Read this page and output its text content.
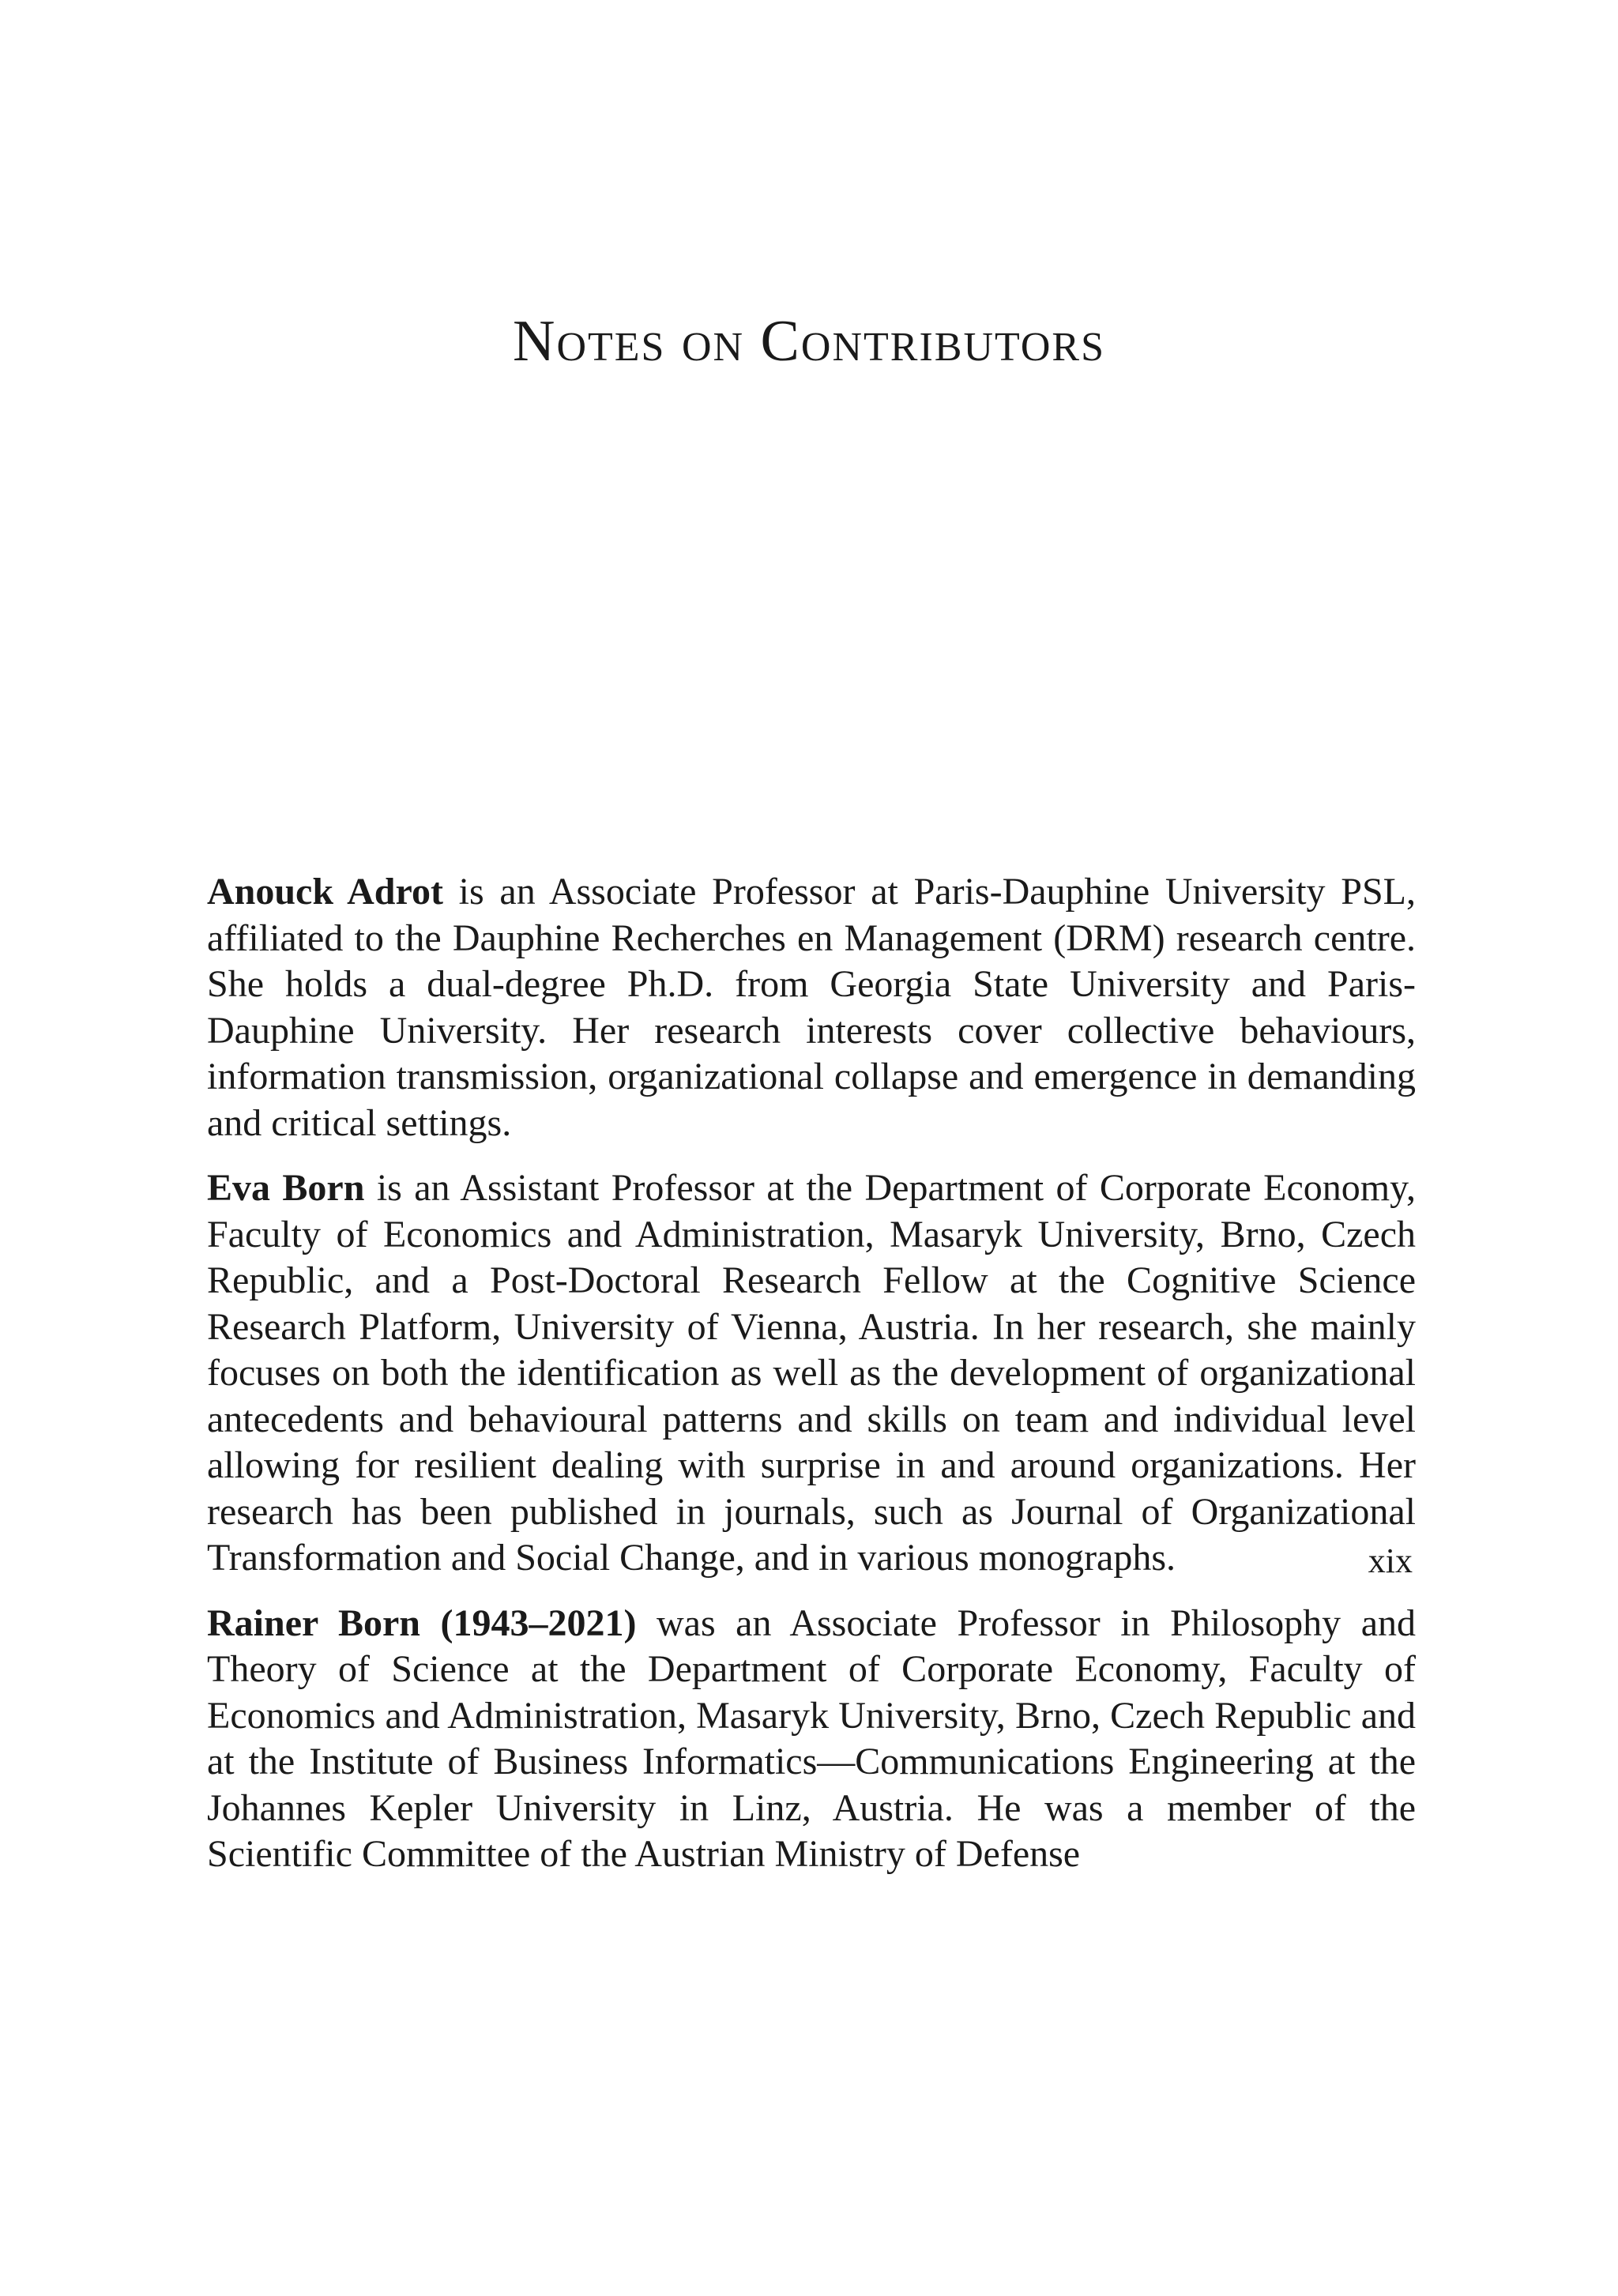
Notes on Contributors

Anouck Adrot is an Associate Professor at Paris-Dauphine University PSL, affiliated to the Dauphine Recherches en Management (DRM) research centre. She holds a dual-degree Ph.D. from Georgia State University and Paris-Dauphine University. Her research interests cover collective behaviours, information transmission, organizational collapse and emergence in demanding and critical settings.

Eva Born is an Assistant Professor at the Department of Corporate Economy, Faculty of Economics and Administration, Masaryk University, Brno, Czech Republic, and a Post-Doctoral Research Fellow at the Cognitive Science Research Platform, University of Vienna, Austria. In her research, she mainly focuses on both the identification as well as the development of organizational antecedents and behavioural patterns and skills on team and individual level allowing for resilient dealing with surprise in and around organizations. Her research has been published in journals, such as Journal of Organizational Transformation and Social Change, and in various monographs.

Rainer Born (1943–2021) was an Associate Professor in Philosophy and Theory of Science at the Department of Corporate Economy, Faculty of Economics and Administration, Masaryk University, Brno, Czech Republic and at the Institute of Business Informatics—Communications Engineering at the Johannes Kepler University in Linz, Austria. He was a member of the Scientific Committee of the Austrian Ministry of Defense

xix
